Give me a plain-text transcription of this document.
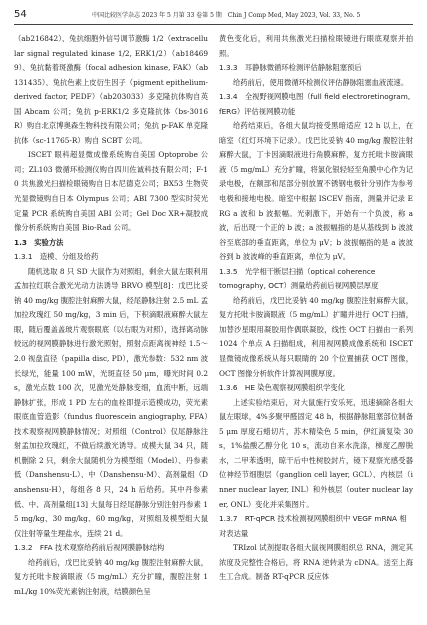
54	中国比较医学杂志 2023 年 5 月第 33 卷第 5 期　Chin J Comp Med, May 2023, Vol. 33, No. 5

（ab216842）、兔抗细胞外信号调节激酶 1/2（extracellular signal regulated kinase 1/2, ERK1/2）（ab184699）、兔抗黏着斑激酶（focal adhesion kinase, FAK）（ab131435）、兔抗色素上皮衍生因子（pigment epithelium-derived factor, PEDF）（ab203033）多克隆抗体购自英国 Abcam 公司；兔抗 p-ERK1/2 多克隆抗体（bs-3016R）购自北京博奥森生物科技有限公司；兔抗 p-FAK 单克隆抗体（sc-11765-R）购自 SCBT 公司。

ISCET 眼科超显微成像系统购自美国 Optoprobe 公司；ZL103 微循环检测仪购自四川佐诚科技有限公司；F-10 共焦激光扫描检眼镜购自日本尼德克公司；BX53 生物荧光显微镜购自日本 Olympus 公司；ABI 7300 型实时荧光定量 PCR 系统购自美国 ABI 公司；Gel Doc XR+凝胶成像分析系统购自美国 Bio-Rad 公司。

1.3　实验方法
1.3.1　造模、分组及给药

随机选取 8 只 SD 大鼠作为对照组，剩余大鼠左眼利用孟加拉红联合激光光动力法诱导 BRVO 模型[8]：戊巴比妥钠 40 mg/kg 腹腔注射麻醉大鼠，经尾静脉注射 2.5 mL 孟加拉玫瑰红 50 mg/kg，3 min 后，下积滴眼液麻醉大鼠左眼，随后覆盖盖玻片观察眼底（以右眼为对照），选择离动脉较远的视网膜静脉进行激光照射，照射点距离视神经 1.5～2.0 视盘直径（papilla disc, PD），激光参数：532 nm 波长绿光，能量 100 mW，光斑直径 50 μm，曝光时间 0.2 s，激光点数 100 次，见激光处静脉变细，血流中断，远端静脉扩张，形成 1 PD 左右的血栓即提示造模成功，荧光素眼底血管造影（fundus fluorescein angiography, FFA）技术观察视网膜静脉情况；对照组（Control）仅尾静脉注射孟加拉玫瑰红，不做后续激光诱导。成模大鼠 34 只，随机删除 2 只，剩余大鼠随机分为模型组（Model）、丹参素低（Danshensu-L）、中（Danshensu-M）、高剂量组（Danshensu-H），每组各 8 只，24 h 后给药。其中丹参素低、中、高剂量组[13] 大鼠每日经尾静脉分别注射丹参素 15 mg/kg、30 mg/kg、60 mg/kg，对照组及模型组大鼠仅注射等量生理盐水，连续 21 d。

1.3.2　FFA 技术观察给药前后视网膜静脉结构

给药前后，戊巴比妥钠 40 mg/kg 腹腔注射麻醉大鼠，复方托吡卡胺滴眼液（5 mg/mL）充分扩瞳，腹腔注射 1 mL/kg 10%荧光素钠注射液，结膜颜色呈

黄色变化后，利用共焦激光扫描检眼镜进行眼底观察并拍照。

1.3.3　耳静脉微循环检测评估静脉阻塞预后

给药前后，使用微循环检测仪评估静脉阻塞血液流速。

1.3.4　全视野视网膜电图（full field electroretinogram, fERG）评估视网膜功能

给药结束后，各组大鼠均接受黑暗适应 12 h 以上，在暗室（红灯环境下记录）。戊巴比妥钠 40 mg/kg 腹腔注射麻醉大鼠，丁卡因滴眼液进行角膜麻醉，复方托吡卡胺滴眼液（5 mg/mL）充分扩瞳，将氯化银轻轻至角膜中心作为记录电极，在额部和尾部分别放置不锈钢电极针分别作为参考电极和接地电极。暗室中根据 ISCEV 指南，测量并记录 ERG a 波和 b 波振幅。光刺激下，开始有一个负波，称 a 波，后出现一个正的 b 波；a 波振幅指的是从基线到 b 波波谷至底部的垂直距离，单位为 μV；b 波振幅指的是 a 波波谷到 b 波波峰的垂直距离，单位为 μV。

1.3.5　光学相干断层扫描（optical coherence tomography, OCT）测量给药前后视网膜层厚度

给药前后，戊巴比妥钠 40 mg/kg 腹腔注射麻醉大鼠，复方托吡卡胺滴眼液（5 mg/mL）扩瞳并进行 OCT 扫描，加替沙星眼用凝胶用作偶联凝胶，线性 OCT 扫描由一系列 1024 个单点 A 扫描组成，利用视网膜成像系统和 ISCET 显微镜成像系统从每只眼睛的 20 个位置捕获 OCT 图像，OCT 图像分析软件计算视网膜厚度。

1.3.6　HE 染色观察视网膜组织学变化

上述实验结束后，对大鼠施行安乐死，迅速摘除各组大鼠左眼球，4%多聚甲醛固定 48 h，根据静脉阻塞部位制备 5 μm 厚度石蜡切片，苏木精染色 5 min，伊红滴复染 30 s，1%盐酸乙醇分化 10 s，流动自来水洗涤，梯度乙醇脱水，二甲苯透明，晾干后中性树胶封片，镜下观察光感受器位神经节细胞层（ganglion cell layer, GCL）、内核层（inner nuclear layer, INL）和外核层（outer nuclear layer, ONL）变化并采集图片。

1.3.7　RT-qPCR 技术检测视网膜组织中 VEGF mRNA 相对表达量

TRIzol 试剂提取各组大鼠视网膜组织总 RNA，测定其浓度及完整性合格后，将 RNA 逆转录为 cDNA。送至上海生工合成。制备 RT-qPCR 反应体
